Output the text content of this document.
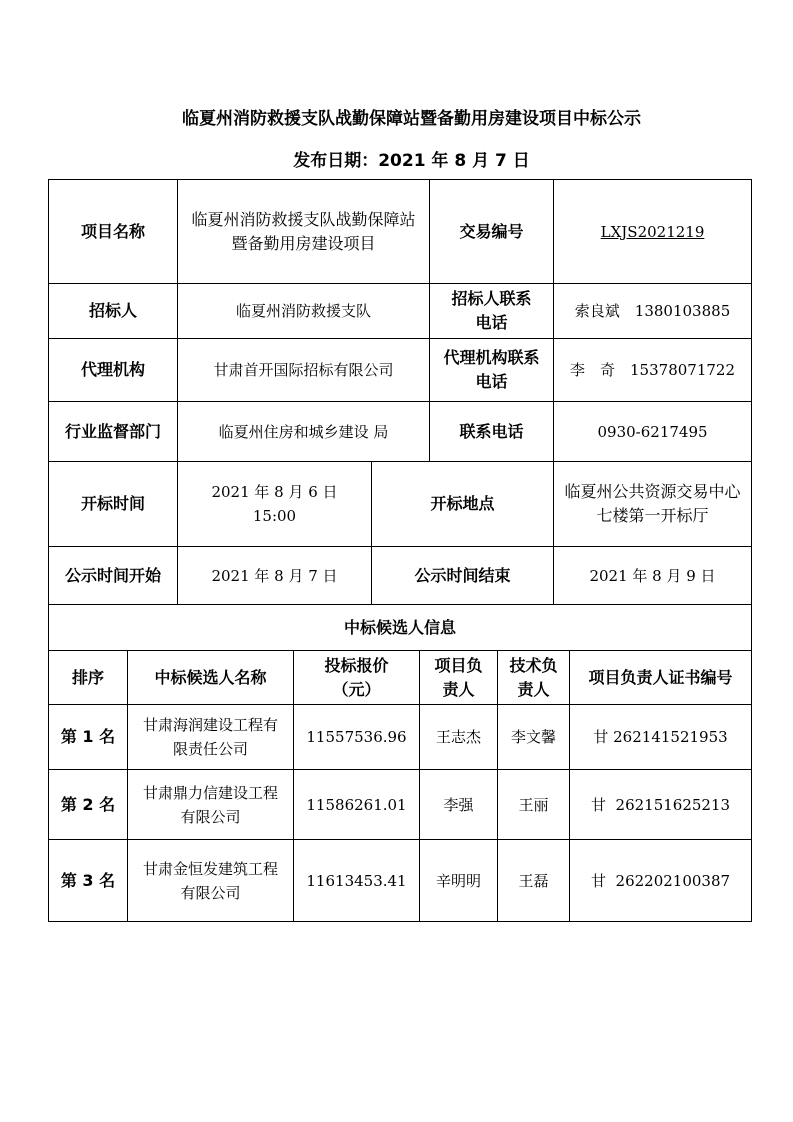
临夏州消防救援支队战勤保障站暨备勤用房建设项目中标公示
发布日期：2021 年 8 月 7 日
项目名称	临夏州消防救援支队战勤保障站暨备勤用房建设项目		交易编号	LXJS2021219
招标人	临夏州消防救援支队		招标人联系电话	索良斌　1380103885
代理机构	甘肃首开国际招标有限公司		代理机构联系电话	李　奇　15378071722
行业监督部门	临夏州住房和城乡建设 局		联系电话	0930-6217495
开标时间	2021 年 8 月 6 日 15:00	开标地点		临夏州公共资源交易中心七楼第一开标厅
公示时间开始	2021 年 8 月 7 日	公示时间结束		2021 年 8 月 9 日
中标候选人信息					
排序	中标候选人名称	投标报价（元）	项目负责人	技术负责人	项目负责人证书编号
第 1 名	甘肃海润建设工程有限责任公司	11557536.96	王志杰	李文馨	甘 262141521953
第 2 名	甘肃鼎力信建设工程有限公司	11586261.01	李强	王丽	甘  262151625213
第 3 名	甘肃金恒发建筑工程有限公司	11613453.41	辛明明	王磊	甘  262202100387
